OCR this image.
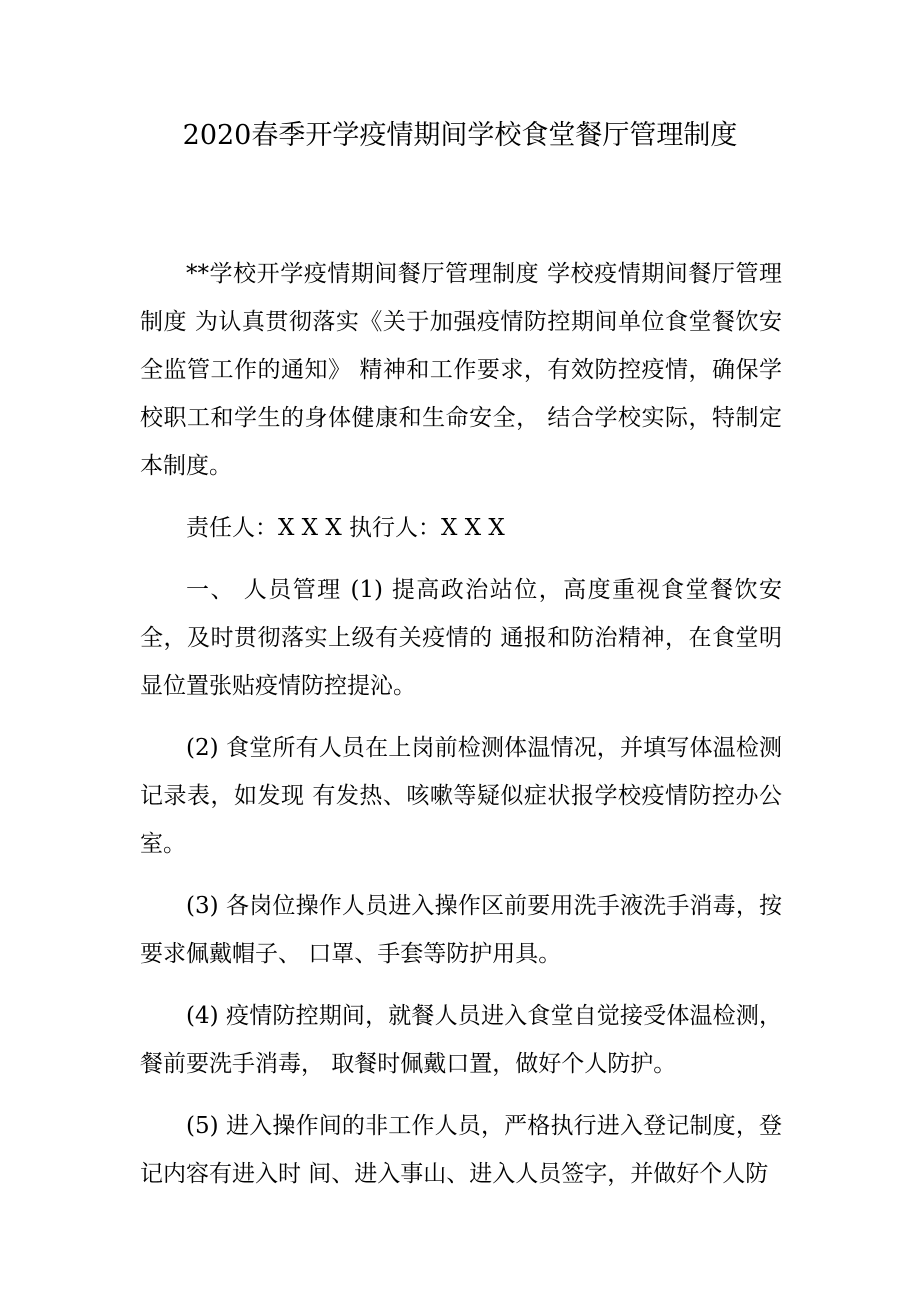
2020春季开学疫情期间学校食堂餐厅管理制度

**学校开学疫情期间餐厅管理制度 学校疫情期间餐厅管理制度 为认真贯彻落实《关于加强疫情防控期间单位食堂餐饮安全监管工作的通知》 精神和工作要求，有效防控疫情，确保学校职工和学生的身体健康和生命安全， 结合学校实际，特制定本制度。

责任人：X X X 执行人：X X X

一、 人员管理 (1) 提高政治站位，高度重视食堂餐饮安全，及时贯彻落实上级有关疫情的 通报和防治精神，在食堂明显位置张贴疫情防控提沁。

(2) 食堂所有人员在上岗前检测体温情况，并填写体温检测记录表，如发现 有发热、咳嗽等疑似症状报学校疫情防控办公室。

(3) 各岗位操作人员进入操作区前要用洗手液洗手消毒，按要求佩戴帽子、 口罩、手套等防护用具。

(4) 疫情防控期间，就餐人员进入食堂自觉接受体温检测，餐前要洗手消毒， 取餐时佩戴口置，做好个人防护。

(5) 进入操作间的非工作人员，严格执行进入登记制度，登记内容有进入时 间、进入事山、进入人员签字，并做好个人防
